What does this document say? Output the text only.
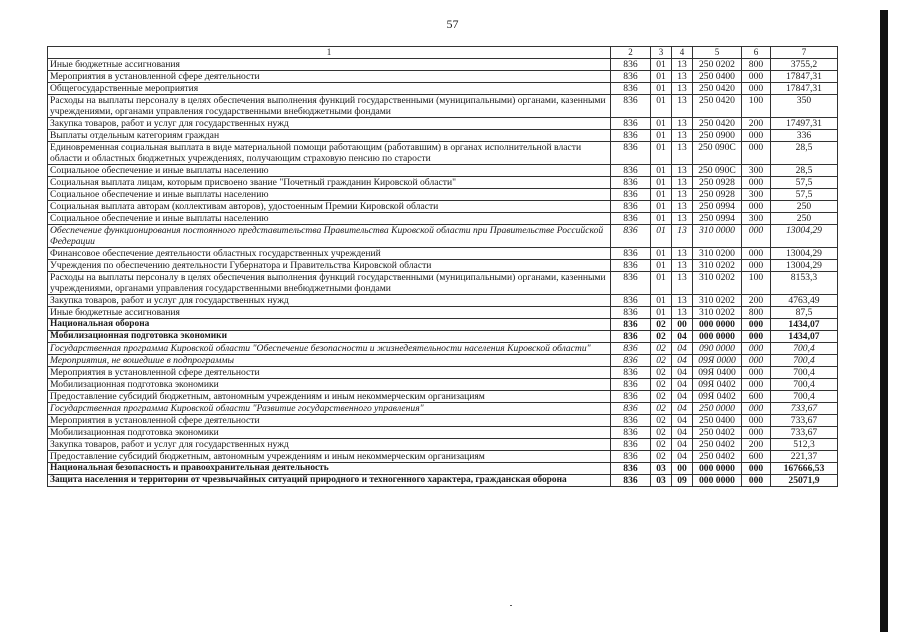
57
1	2	3	4	5	6	7
Иные бюджетные ассигнования	836	01	13	250 0202	800	3755,2
Мероприятия в установленной сфере деятельности	836	01	13	250 0400	000	17847,31
Общегосударственные мероприятия	836	01	13	250 0420	000	17847,31
Расходы на выплаты персоналу в целях обеспечения выполнения функций государственными (муниципальными) органами, казенными учреждениями, органами управления государственными внебюджетными фондами	836	01	13	250 0420	100	350
Закупка товаров, работ и услуг для государственных нужд	836	01	13	250 0420	200	17497,31
Выплаты отдельным категориям граждан	836	01	13	250 0900	000	336
Единовременная социальная выплата в виде материальной помощи работающим (работавшим) в органах исполнительной власти области и областных бюджетных учреждениях, получающим страховую пенсию по старости	836	01	13	250 090С	000	28,5
Социальное обеспечение и иные выплаты населению	836	01	13	250 090С	300	28,5
Социальная выплата лицам, которым присвоено звание "Почетный гражданин Кировской области"	836	01	13	250 0928	000	57,5
Социальное обеспечение и иные выплаты населению	836	01	13	250 0928	300	57,5
Социальная выплата авторам (коллективам авторов), удостоенным Премии Кировской области	836	01	13	250 0994	000	250
Социальное обеспечение и иные выплаты населению	836	01	13	250 0994	300	250
Обеспечение функционирования постоянного представительства Правительства Кировской области при Правительстве Российской Федерации	836	01	13	310 0000	000	13004,29
Финансовое обеспечение деятельности областных государственных учреждений	836	01	13	310 0200	000	13004,29
Учреждения по обеспечению деятельности Губернатора и Правительства Кировской области	836	01	13	310 0202	000	13004,29
Расходы на выплаты персоналу в целях обеспечения выполнения функций государственными (муниципальными) органами, казенными учреждениями, органами управления государственными внебюджетными фондами	836	01	13	310 0202	100	8153,3
Закупка товаров, работ и услуг для государственных нужд	836	01	13	310 0202	200	4763,49
Иные бюджетные ассигнования	836	01	13	310 0202	800	87,5
Национальная оборона	836	02	00	000 0000	000	1434,07
Мобилизационная подготовка экономики	836	02	04	000 0000	000	1434,07
Государственная программа Кировской области "Обеспечение безопасности и жизнедеятельности населения Кировской области"	836	02	04	090 0000	000	700,4
Мероприятия, не вошедшие в подпрограммы	836	02	04	09Я 0000	000	700,4
Мероприятия в установленной сфере деятельности	836	02	04	09Я 0400	000	700,4
Мобилизационная подготовка экономики	836	02	04	09Я 0402	000	700,4
Предоставление субсидий бюджетным, автономным учреждениям и иным некоммерческим организациям	836	02	04	09Я 0402	600	700,4
Государственная программа Кировской области "Развитие государственного управления"	836	02	04	250 0000	000	733,67
Мероприятия в установленной сфере деятельности	836	02	04	250 0400	000	733,67
Мобилизационная подготовка экономики	836	02	04	250 0402	000	733,67
Закупка товаров, работ и услуг для государственных нужд	836	02	04	250 0402	200	512,3
Предоставление субсидий бюджетным, автономным учреждениям и иным некоммерческим организациям	836	02	04	250 0402	600	221,37
Национальная безопасность и правоохранительная деятельность	836	03	00	000 0000	000	167666,53
Защита населения и территории от чрезвычайных ситуаций природного и техногенного характера, гражданская оборона	836	03	09	000 0000	000	25071,9
